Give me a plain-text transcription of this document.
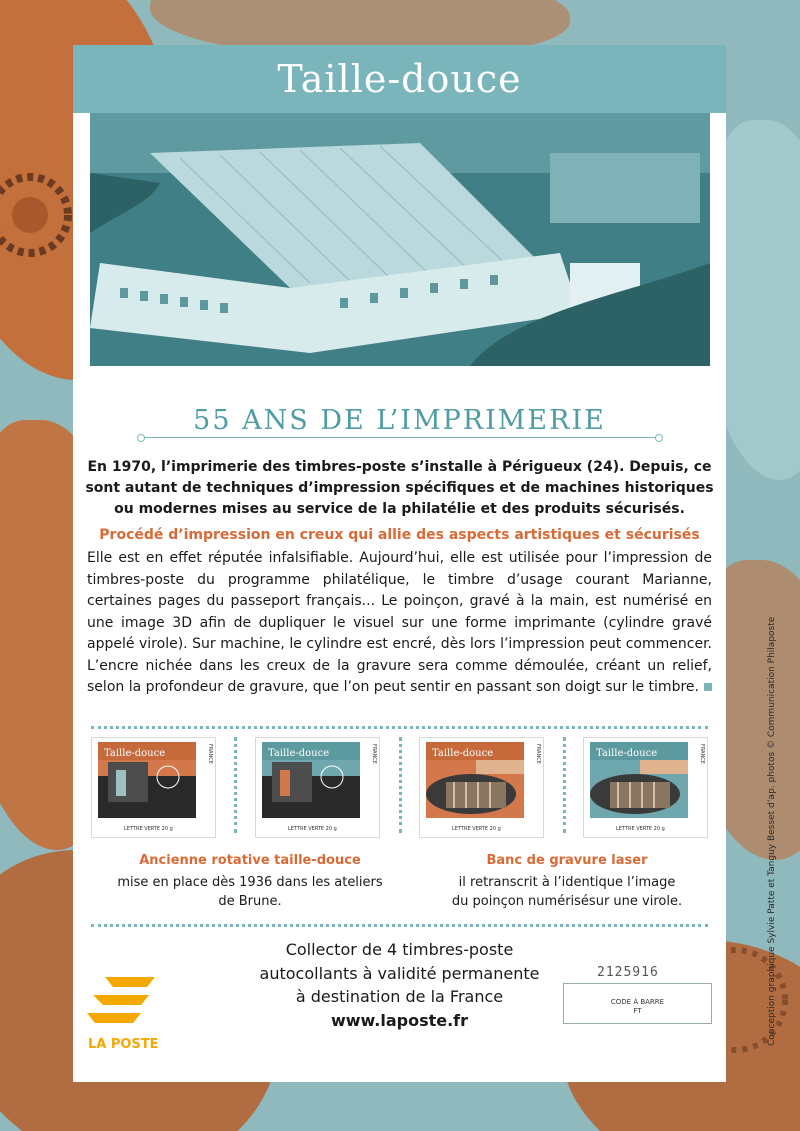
Taille-douce
55 ANS DE L’IMPRIMERIE
En 1970, l’imprimerie des timbres-poste s’installe à Périgueux (24). Depuis, ce sont autant de techniques d’impression spécifiques et de machines historiques ou modernes mises au service de la philatélie et des produits sécurisés.
Procédé d’impression en creux qui allie des aspects artistiques et sécurisés
Elle est en effet réputée infalsifiable. Aujourd’hui, elle est utilisée pour l’impression de timbres-poste du programme philatélique, le timbre d’usage courant Marianne, certaines pages du passeport français... Le poinçon, gravé à la main, est numérisé en une image 3D afin de dupliquer le visuel sur une forme imprimante (cylindre gravé appelé virole). Sur machine, le cylindre est encré, dès lors l’impression peut commencer. L’encre nichée dans les creux de la gravure sera comme démoulée, créant un relief, selon la profondeur de gravure, que l’on peut sentir en passant son doigt sur le timbre.
Taille-douce	FRANCE
LETTRE VERTE 20 g
Taille-douce	FRANCE
LETTRE VERTE 20 g
Taille-douce	FRANCE
LETTRE VERTE 20 g
Taille-douce	FRANCE
LETTRE VERTE 20 g
Ancienne rotative taille-douce
mise en place dès 1936 dans les ateliers
de Brune.
Banc de gravure laser
il retranscrit à l’identique l’image
du poinçon numérisésur une virole.
LA POSTE
Collector de 4 timbres-poste
autocollants à validité permanente
à destination de la France
www.laposte.fr
2125916
CODE À BARRE
FT	Conception graphique Sylvie Patte et Tanguy Besset d’ap. photos © Communication Philaposte
